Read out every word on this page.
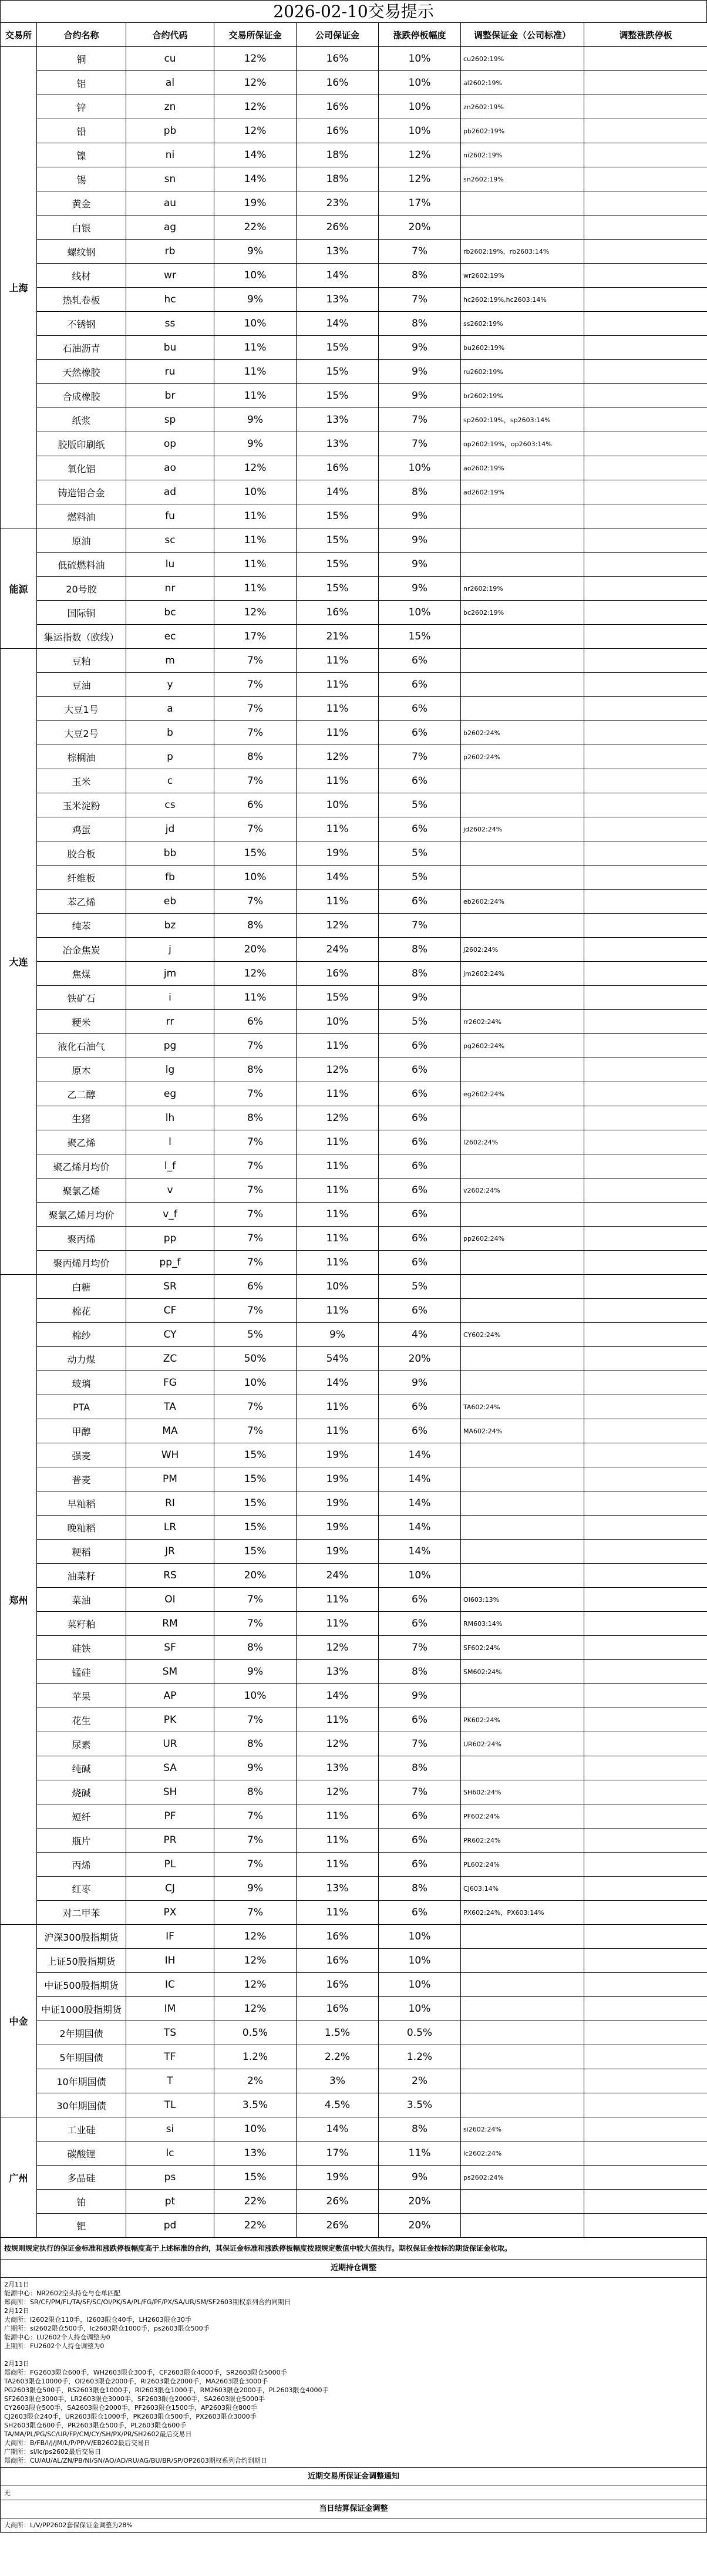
2026-02-10交易提示
交易所	合约名称	合约代码	交易所保证金	公司保证金	涨跌停板幅度	调整保证金（公司标准）	调整涨跌停板
上海	铜	cu	12%	16%	10%	cu2602:19%	
	铝	al	12%	16%	10%	al2602:19%	
	锌	zn	12%	16%	10%	zn2602:19%	
	铅	pb	12%	16%	10%	pb2602:19%	
	镍	ni	14%	18%	12%	ni2602:19%	
	锡	sn	14%	18%	12%	sn2602:19%	
	黄金	au	19%	23%	17%		
	白银	ag	22%	26%	20%		
	螺纹钢	rb	9%	13%	7%	rb2602:19%，rb2603:14%	
	线材	wr	10%	14%	8%	wr2602:19%	
	热轧卷板	hc	9%	13%	7%	hc2602:19%,hc2603:14%	
	不锈钢	ss	10%	14%	8%	ss2602:19%	
	石油沥青	bu	11%	15%	9%	bu2602:19%	
	天然橡胶	ru	11%	15%	9%	ru2602:19%	
	合成橡胶	br	11%	15%	9%	br2602:19%	
	纸浆	sp	9%	13%	7%	sp2602:19%，sp2603:14%	
	胶版印刷纸	op	9%	13%	7%	op2602:19%，op2603:14%	
	氧化铝	ao	12%	16%	10%	ao2602:19%	
	铸造铝合金	ad	10%	14%	8%	ad2602:19%	
	燃料油	fu	11%	15%	9%		
能源	原油	sc	11%	15%	9%		
	低硫燃料油	lu	11%	15%	9%		
	20号胶	nr	11%	15%	9%	nr2602:19%	
	国际铜	bc	12%	16%	10%	bc2602:19%	
	集运指数（欧线）	ec	17%	21%	15%		
大连	豆粕	m	7%	11%	6%		
	豆油	y	7%	11%	6%		
	大豆1号	a	7%	11%	6%		
	大豆2号	b	7%	11%	6%	b2602:24%	
	棕榈油	p	8%	12%	7%	p2602:24%	
	玉米	c	7%	11%	6%		
	玉米淀粉	cs	6%	10%	5%		
	鸡蛋	jd	7%	11%	6%	jd2602:24%	
	胶合板	bb	15%	19%	5%		
	纤维板	fb	10%	14%	5%		
	苯乙烯	eb	7%	11%	6%	eb2602:24%	
	纯苯	bz	8%	12%	7%		
	冶金焦炭	j	20%	24%	8%	j2602:24%	
	焦煤	jm	12%	16%	8%	jm2602:24%	
	铁矿石	i	11%	15%	9%		
	粳米	rr	6%	10%	5%	rr2602:24%	
	液化石油气	pg	7%	11%	6%	pg2602:24%	
	原木	lg	8%	12%	6%		
	乙二醇	eg	7%	11%	6%	eg2602:24%	
	生猪	lh	8%	12%	6%		
	聚乙烯	l	7%	11%	6%	l2602:24%	
	聚乙烯月均价	l_f	7%	11%	6%		
	聚氯乙烯	v	7%	11%	6%	v2602:24%	
	聚氯乙烯月均价	v_f	7%	11%	6%		
	聚丙烯	pp	7%	11%	6%	pp2602:24%	
	聚丙烯月均价	pp_f	7%	11%	6%		
郑州	白糖	SR	6%	10%	5%		
	棉花	CF	7%	11%	6%		
	棉纱	CY	5%	9%	4%	CY602:24%	
	动力煤	ZC	50%	54%	20%		
	玻璃	FG	10%	14%	9%		
	PTA	TA	7%	11%	6%	TA602:24%	
	甲醇	MA	7%	11%	6%	MA602:24%	
	强麦	WH	15%	19%	14%		
	普麦	PM	15%	19%	14%		
	早籼稻	RI	15%	19%	14%		
	晚籼稻	LR	15%	19%	14%		
	粳稻	JR	15%	19%	14%		
	油菜籽	RS	20%	24%	10%		
	菜油	OI	7%	11%	6%	OI603:13%	
	菜籽粕	RM	7%	11%	6%	RM603:14%	
	硅铁	SF	8%	12%	7%	SF602:24%	
	锰硅	SM	9%	13%	8%	SM602:24%	
	苹果	AP	10%	14%	9%		
	花生	PK	7%	11%	6%	PK602:24%	
	尿素	UR	8%	12%	7%	UR602:24%	
	纯碱	SA	9%	13%	8%		
	烧碱	SH	8%	12%	7%	SH602:24%	
	短纤	PF	7%	11%	6%	PF602:24%	
	瓶片	PR	7%	11%	6%	PR602:24%	
	丙烯	PL	7%	11%	6%	PL602:24%	
	红枣	CJ	9%	13%	8%	CJ603:14%	
	对二甲苯	PX	7%	11%	6%	PX602:24%，PX603:14%	
中金	沪深300股指期货	IF	12%	16%	10%		
	上证50股指期货	IH	12%	16%	10%		
	中证500股指期货	IC	12%	16%	10%		
	中证1000股指期货	IM	12%	16%	10%		
	2年期国债	TS	0.5%	1.5%	0.5%		
	5年期国债	TF	1.2%	2.2%	1.2%		
	10年期国债	T	2%	3%	2%		
	30年期国债	TL	3.5%	4.5%	3.5%		
广州	工业硅	si	10%	14%	8%	si2602:24%	
	碳酸锂	lc	13%	17%	11%	lc2602:24%	
	多晶硅	ps	15%	19%	9%	ps2602:24%	
	铂	pt	22%	26%	20%		
	钯	pd	22%	26%	20%		
按规则规定执行的保证金标准和涨跌停板幅度高于上述标准的合约，其保证金标准和涨跌停板幅度按照规定数值中较大值执行。期权保证金按标的期货保证金收取。
近期持仓调整
2月11日
能源中心：NR2602空头持仓与仓单匹配
郑商所：SR/CF/PM/FL/TA/SF/SC/OI/PK/SA/PL/FG/PF/PX/SA/UR/SM/SF2603期权系列合约同期日
2月12日
大商所：I2602限仓110手，I2603限仓40手，LH2603限仓30手
广期所：si2602限仓500手，lc2603限仓1000手，ps2603限仓500手
能源中心：LU2602个人持仓调整为0
上期所：FU2602个人持仓调整为0

2月13日
郑商所：FG2603限仓600手，WH2603限仓300手，CF2603限仓4000手，SR2603限仓5000手
TA2603限仓10000手，OI2603限仓2000手，RI2603限仓2000手，MA2603限仓3000手
PG2603限仓500手，RS2603限仓1000手，RI2603限仓1000手，RM2603限仓2000手，PL2603限仓4000手
SF2603限仓3000手，LR2603限仓3000手，SF2603限仓2000手，SA2603限仓5000手
CY2603限仓500手，SA2603限仓2000手，PF2603限仓1500手，AP2603限仓800手
CJ2603限仓240手，UR2603限仓1000手，PK2603限仓500手，PX2603限仓3000手
SH2603限仓600手，PR2603限仓500手，PL2603限仓600手
TA/MA/PL/PG/SC/UR/FP/CM/CY/SH/PX/PR/SH2602最后交易日
大商所：B/FB/I/J/JM/L/P/PP/V/EB2602最后交易日
广期所：si/lc/ps2602最后交易日
郑商所：CU/AU/AL/ZN/PB/NI/SN/AO/AD/RU/AG/BU/BR/SP/OP2603期权系列合约到期日
近期交易所保证金调整通知
无
当日结算保证金调整
大商所：L/V/PP2602套保保证金调整为28%
